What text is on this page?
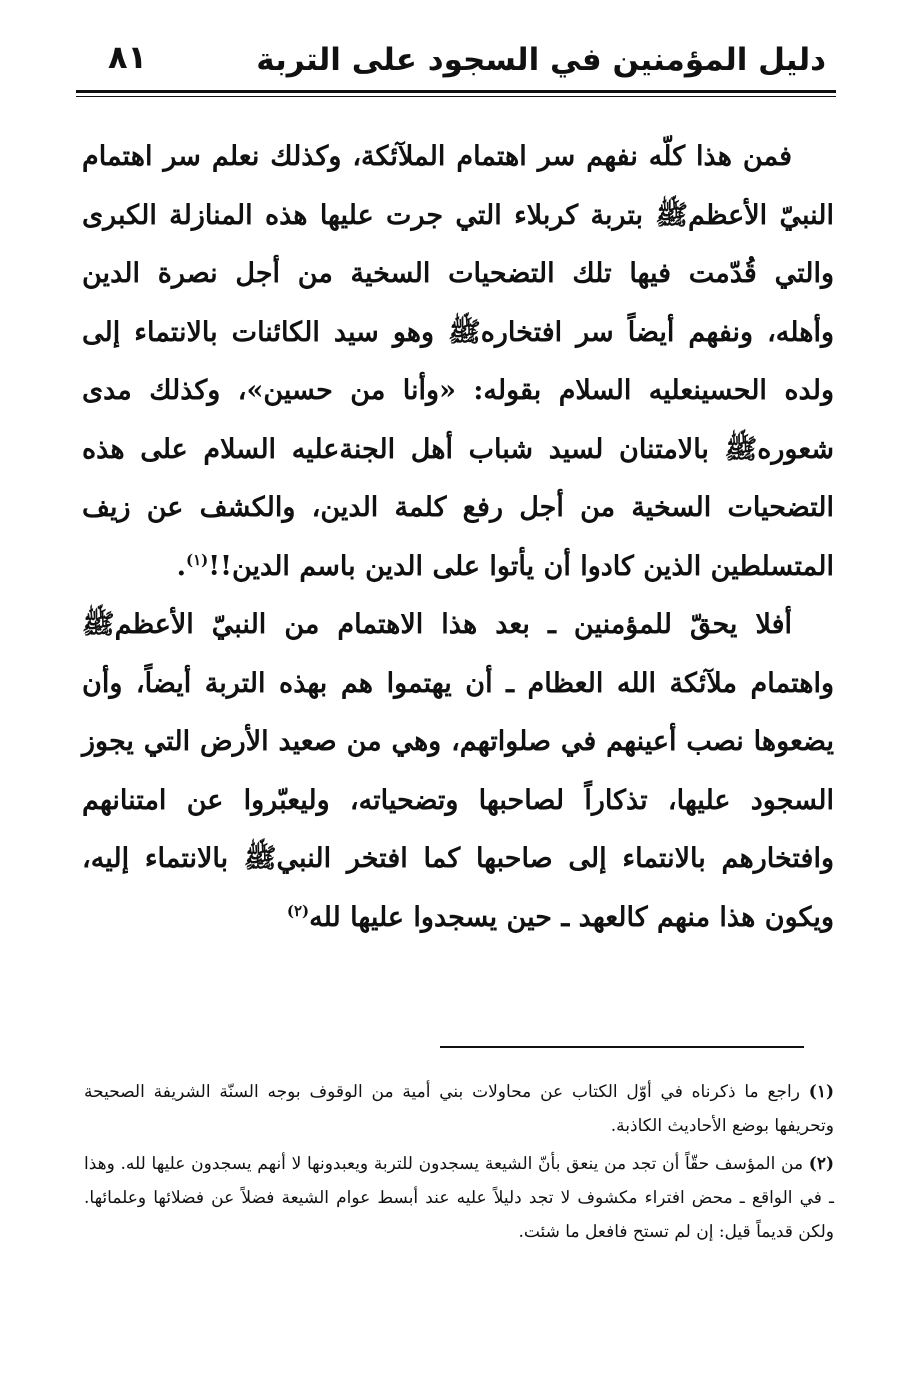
دليل المؤمنين في السجود على التربة
٨١

فمن هذا كلّه نفهم سر اهتمام الملآئكة، وكذلك نعلم سر اهتمام النبيّ الأعظمﷺ بتربة كربلاء التي جرت عليها هذه المنازلة الكبرى والتي قُدّمت فيها تلك التضحيات السخية من أجل نصرة الدين وأهله، ونفهم أيضاً سر افتخارهﷺ وهو سيد الكائنات بالانتماء إلى ولده الحسينعليه السلام بقوله: «وأنا من حسين»، وكذلك مدى شعورهﷺ بالامتنان لسيد شباب أهل الجنةعليه السلام على هذه التضحيات السخية من أجل رفع كلمة الدين، والكشف عن زيف المتسلطين الذين كادوا أن يأتوا على الدين باسم الدين!!$^{(١)}$.

أفلا يحقّ للمؤمنين ـ بعد هذا الاهتمام من النبيّ الأعظمﷺ واهتمام ملآئكة الله العظام ـ أن يهتموا هم بهذه التربة أيضاً، وأن يضعوها نصب أعينهم في صلواتهم، وهي من صعيد الأرض التي يجوز السجود عليها، تذكاراً لصاحبها وتضحياته، وليعبّروا عن امتنانهم وافتخارهم بالانتماء إلى صاحبها كما افتخر النبيﷺ بالانتماء إليه، ويكون هذا منهم كالعهد ـ حين يسجدوا عليها لله$^{(٢)}$

(١) راجع ما ذكرناه في أوّل الكتاب عن محاولات بني أمية من الوقوف بوجه السنّة الشريفة الصحيحة وتحريفها بوضع الأحاديث الكاذبة.

(٢) من المؤسف حقّاً أن تجد من ينعق بأنّ الشيعة يسجدون للتربة ويعبدونها لا أنهم يسجدون عليها لله. وهذا ـ في الواقع ـ محض افتراء مكشوف لا تجد دليلاً عليه عند أبسط عوام الشيعة فضلاً عن فضلائها وعلمائها. ولكن قديماً قيل: إن لم تستح فافعل ما شئت.
